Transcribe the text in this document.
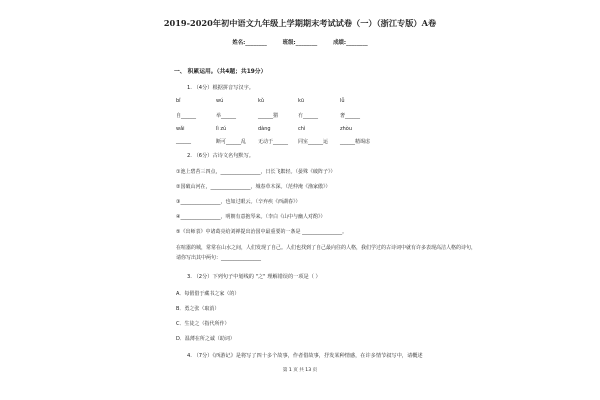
2019-2020年初中语文九年级上学期期末考试试卷（一）（浙江专版）A卷
姓名:________	班级:________	成绩:________
一、 积累运用。（共4题；共19分）
1. （4分）根据拼音写汉字。
bǐ	wú	kǔ	kū	lǚ
自______	举______	______猬	冇______	奢______
wǎi	lì zú	dàng	chì	zhòu
______	断可______乱 无动于______ 同室______运 ______精竭虑
2. （6分）古诗文名句默写。
①池上碧苔三四点，________________，日长飞絮轻。（晏殊《破阵子》）
②国破山河在，________________，城春草木深。（范仲淹《渔家傲》）
③________________，也如过眼云。（辛弃疾《西湖春》）
④________________，明朝有意抱琴来。（李白《山中与幽人对酌》）
⑤《出师表》中诸葛亮给刘禅提出治国中最重要的一条是 ________________。
在喧嚣的城，常常在山水之间，人们发现了自己。人们也找到了自己最向往的人格，我们学过的古诗词中就有许多表现高洁人格的诗句，
请你写出其中两句：________________
3. （2分）下列句子中划线的 "之" 理解错误的一项是（ ）
A．每假借于藏书之家（的）
B．勇之张（取消）
C．生徒之（指代所作）
D．温薄在所之诚（助词）
4. （7分）《西游记》是将写了四十多个故事，作者借故事，抒发某种情感，在许多情节叙写中，请概述
第 1 页 共 13 页
